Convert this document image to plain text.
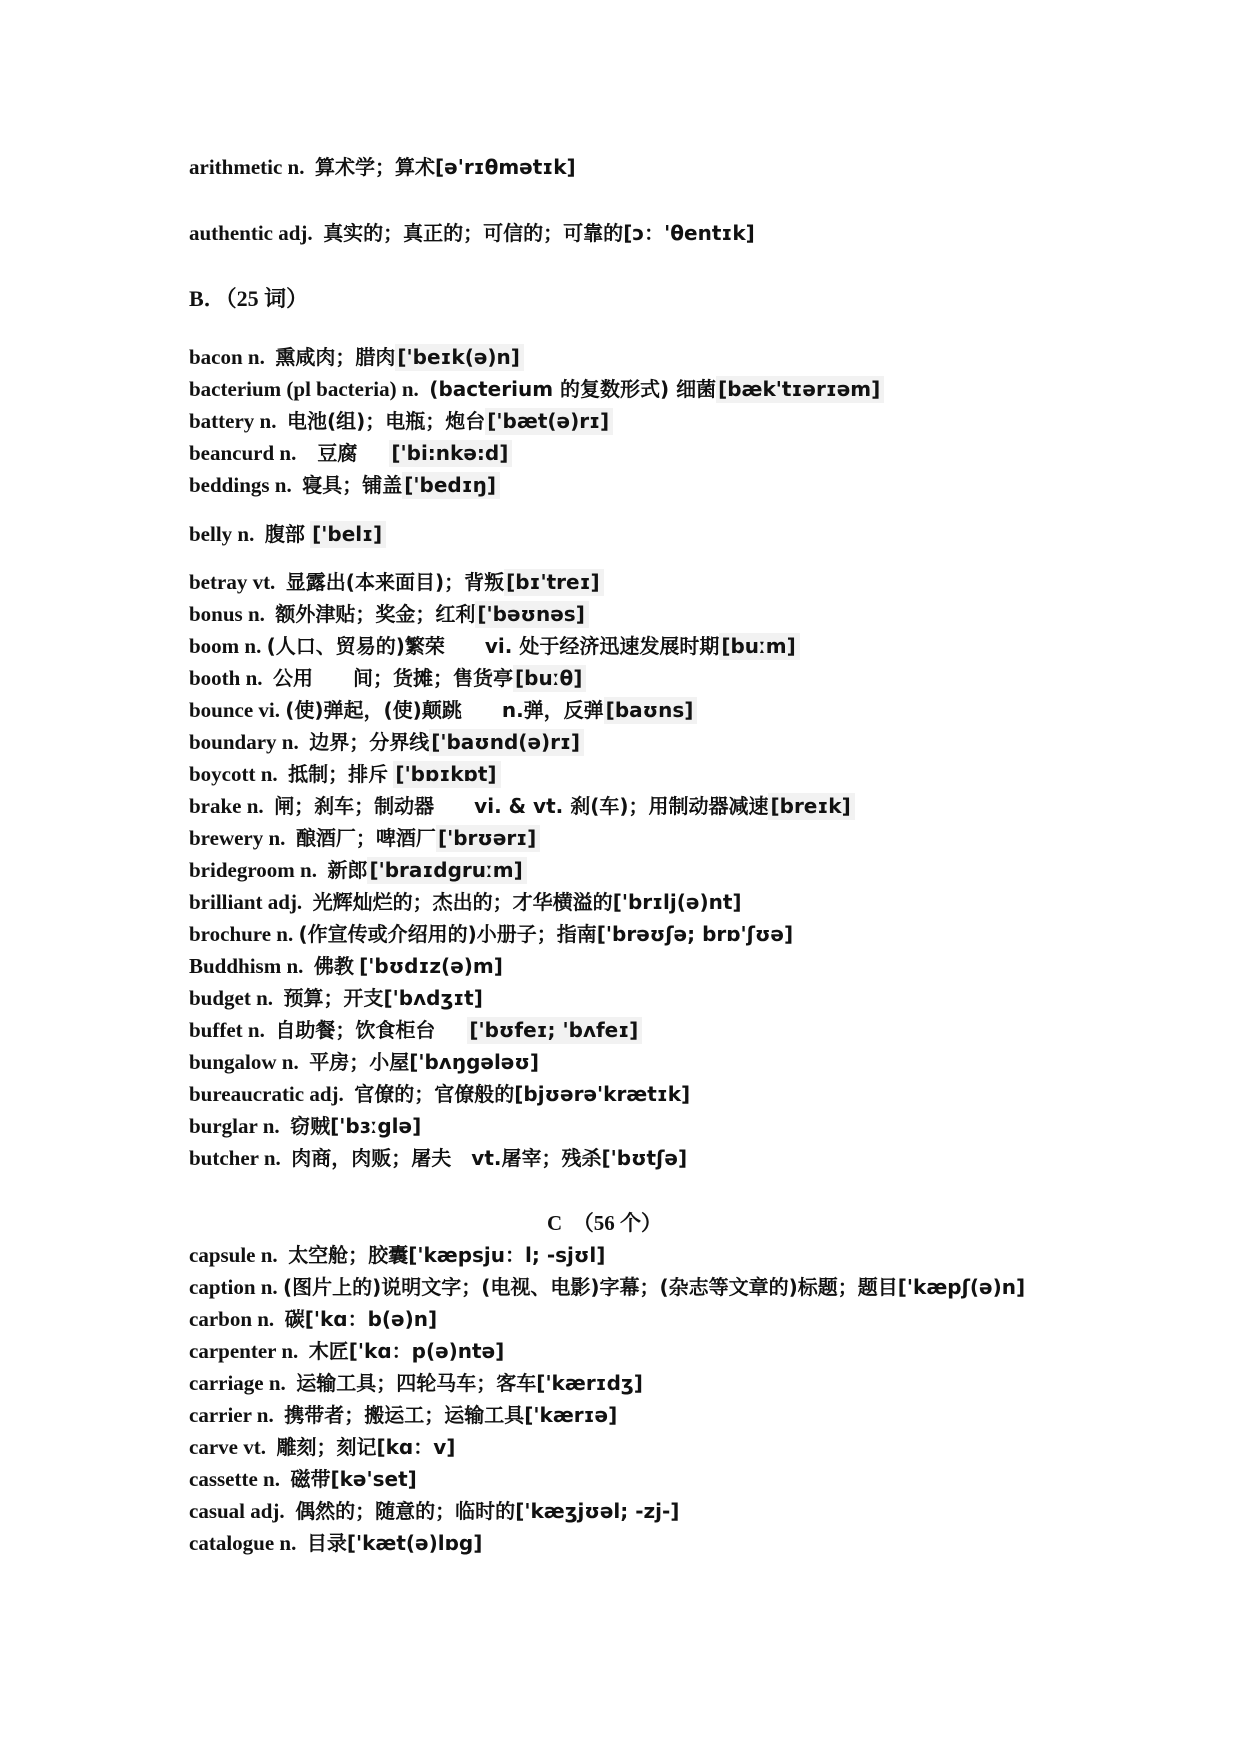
arithmetic n. 算术学；算术[ə'rɪθmətɪk]
authentic adj. 真实的；真正的；可信的；可靠的[ɔ：'θentɪk]
B．（25 词）
bacon n. 熏咸肉；腊肉 ['beɪk(ə)n]
bacterium (pl bacteria) n. (bacterium 的复数形式) 细菌 [bæk'tɪərɪəm]
battery n. 电池(组)；电瓶；炮台 ['bæt(ə)rɪ]
beancurd n. 豆腐 ['bi:nkə:d]
beddings n. 寝具；铺盖 ['bedɪŋ]
belly n. 腹部 ['belɪ]
betray vt. 显露出(本来面目)；背叛 [bɪ'treɪ]
bonus n. 额外津贴；奖金；红利 ['bəʊnəs]
boom n. (人口、贸易的)繁荣　　vi. 处于经济迅速发展时期 [buːm]
booth n. 公用　　间；货摊；售货亭 [buːθ]
bounce vi. (使)弹起，(使)颠跳　　n.弹，反弹 [baʊns]
boundary n. 边界；分界线 ['baʊnd(ə)rɪ]
boycott n. 抵制；排斥 ['bɒɪkɒt]
brake n. 闸；刹车；制动器　　vi. & vt. 刹(车)；用制动器减速 [breɪk]
brewery n. 酿酒厂；啤酒厂 ['brʊərɪ]
bridegroom n. 新郎 ['braɪdgruːm]
brilliant adj. 光辉灿烂的；杰出的；才华横溢的['brɪlj(ə)nt]
brochure n. (作宣传或介绍用的)小册子；指南['brəʊʃə; brɒ'ʃʊə]
Buddhism n. 佛教 ['bʊdɪz(ə)m]
budget n. 预算；开支['bʌdʒɪt]
buffet n. 自助餐；饮食柜台 ['bʊfeɪ; 'bʌfeɪ]
bungalow n. 平房；小屋['bʌŋgələʊ]
bureaucratic adj. 官僚的；官僚般的[bjʊərə'krætɪk]
burglar n. 窃贼['bɜːglə]
butcher n. 肉商，肉贩；屠夫　vt.屠宰；残杀['bʊtʃə]
C　（56 个）
capsule n. 太空舱；胶囊['kæpsju：l; -sjʊl]
caption n. (图片上的)说明文字；(电视、电影)字幕；(杂志等文章的)标题；题目['kæpʃ(ə)n]
carbon n. 碳['kɑ：b(ə)n]
carpenter n. 木匠['kɑ：p(ə)ntə]
carriage n. 运输工具；四轮马车；客车['kærɪdʒ]
carrier n. 携带者；搬运工；运输工具['kærɪə]
carve vt. 雕刻；刻记[kɑ：v]
cassette n. 磁带[kə'set]
casual adj. 偶然的；随意的；临时的['kæʒjʊəl; -zj-]
catalogue n. 目录['kæt(ə)lɒg]
